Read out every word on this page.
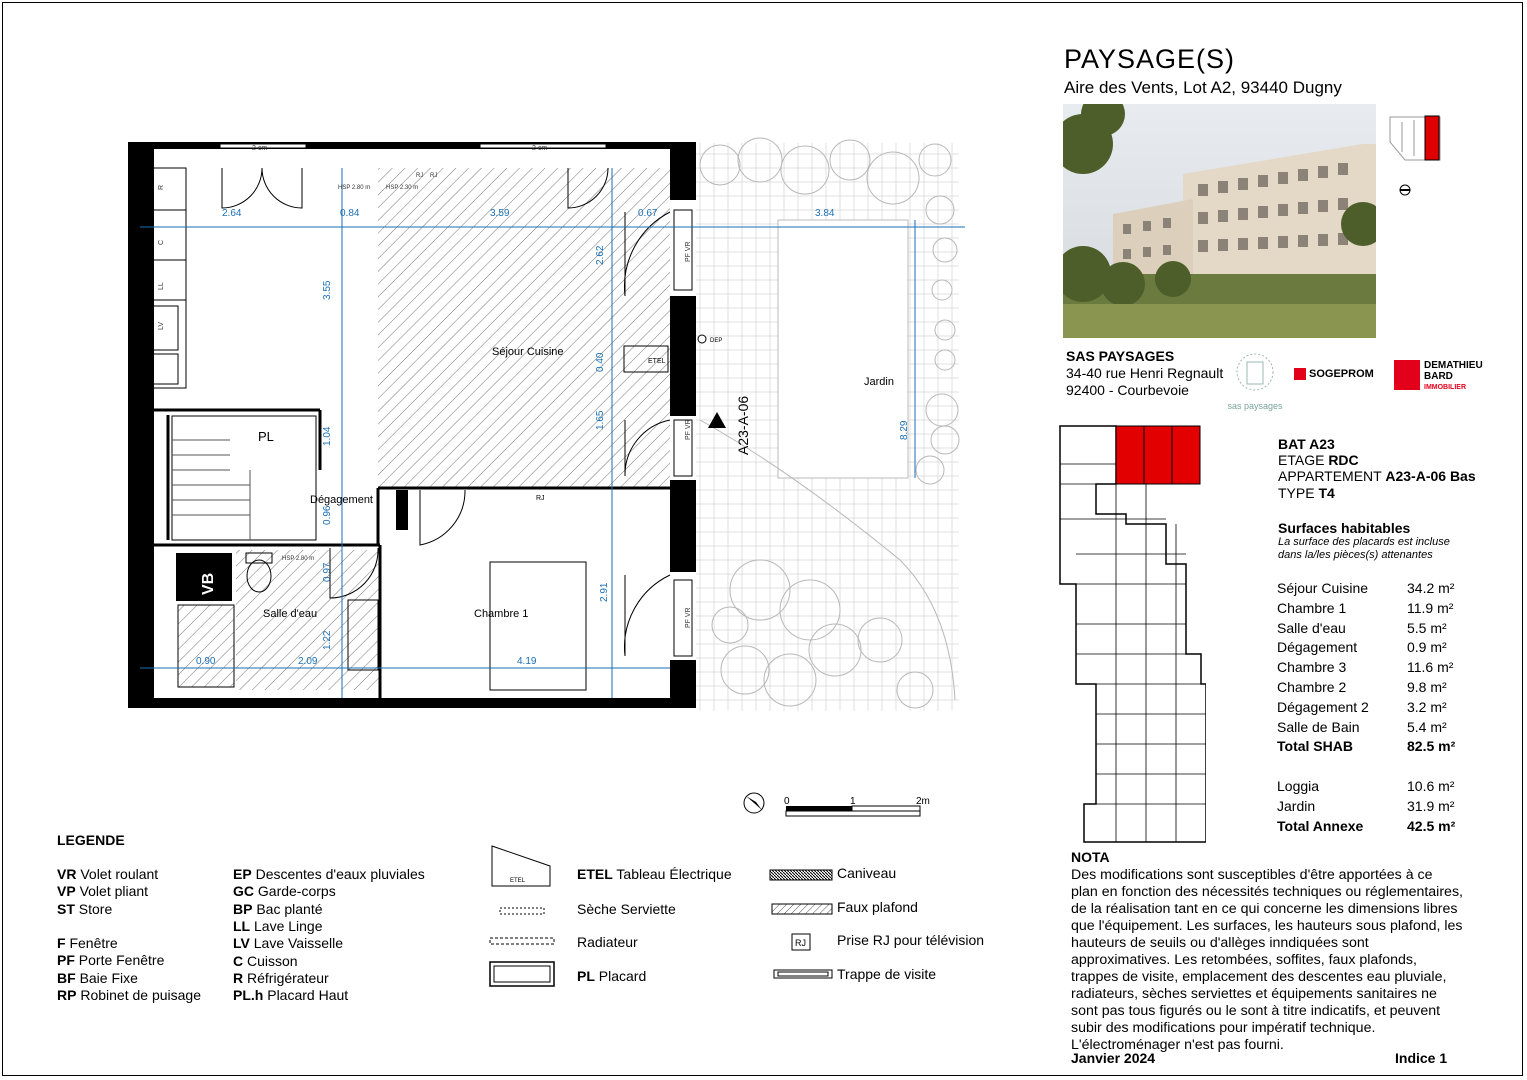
Séjour Cuisine
Jardin
Dégagement
Chambre 1
Salle d'eau
PL
DEP
ETEL
RJ
A23-A-06
VB
2.64	0.84	3.59	0.67	3.84
3.55
2.62
0.40
1.65
1.04
0.96
0.97
1.22
2.91
8.29
0.90	2.09	4.19
2 cm	2 cm
HSP 2.80 m	HSP 2.30 m
HSP 2.80 m
RJ RJ
PF VR
PF VR
PF VR
R
C
LL
LV
PAYSAGE(S)
Aire des Vents, Lot A2, 93440 Dugny
SAS PAYSAGES
34-40 rue Henri Regnault
92400 - Courbevoie
sas paysages
SOGEPROM
DEMATHIEU
BARD
IMMOBILIER
BAT A23
ETAGE RDC
APPARTEMENT A23-A-06 Bas
TYPE T4
Surfaces habitables
La surface des placards est incluse
dans la/les pièces(s) attenantes
Séjour Cuisine	34.2 m²
Chambre 1	11.9 m²
Salle d'eau	5.5 m²
Dégagement	0.9 m²
Chambre 3	11.6 m²
Chambre 2	9.8 m²
Dégagement 2	3.2 m²
Salle de Bain	5.4 m²
Total SHAB	82.5 m²
Loggia	10.6 m²
Jardin	31.9 m²
Total Annexe	42.5 m²
NOTA
Des modifications sont susceptibles d'être apportées à ce plan en fonction des nécessités techniques ou réglementaires, de la réalisation tant en ce qui concerne les dimensions libres que l'équipement. Les surfaces, les hauteurs sous plafond, les hauteurs de seuils ou d'allèges inndiquées sont approximatives. Les retombées, soffites, faux plafonds, trappes de visite, emplacement des descentes eau pluviale, radiateurs, sèches serviettes et équipements sanitaires ne sont pas tous figurés ou le sont à titre indicatifs, et peuvent subir des modifications pour impératif technique. L'électroménager n'est pas fourni.
Janvier 2024	Indice 1
0	1	2m
LEGENDE
VR Volet roulant
VP Volet pliant
ST Store
F Fenêtre
PF Porte Fenêtre
BF Baie Fixe
RP Robinet de puisage
EP Descentes d'eaux pluviales
GC Garde-corps
BP Bac planté
LL Lave Linge
LV Lave Vaisselle
C Cuisson
R Réfrigérateur
PL.h Placard Haut
ETEL	ETEL Tableau Électrique
Sèche Serviette
Radiateur
PL Placard
RJ
Caniveau
Faux plafond
Prise RJ pour télévision
Trappe de visite
